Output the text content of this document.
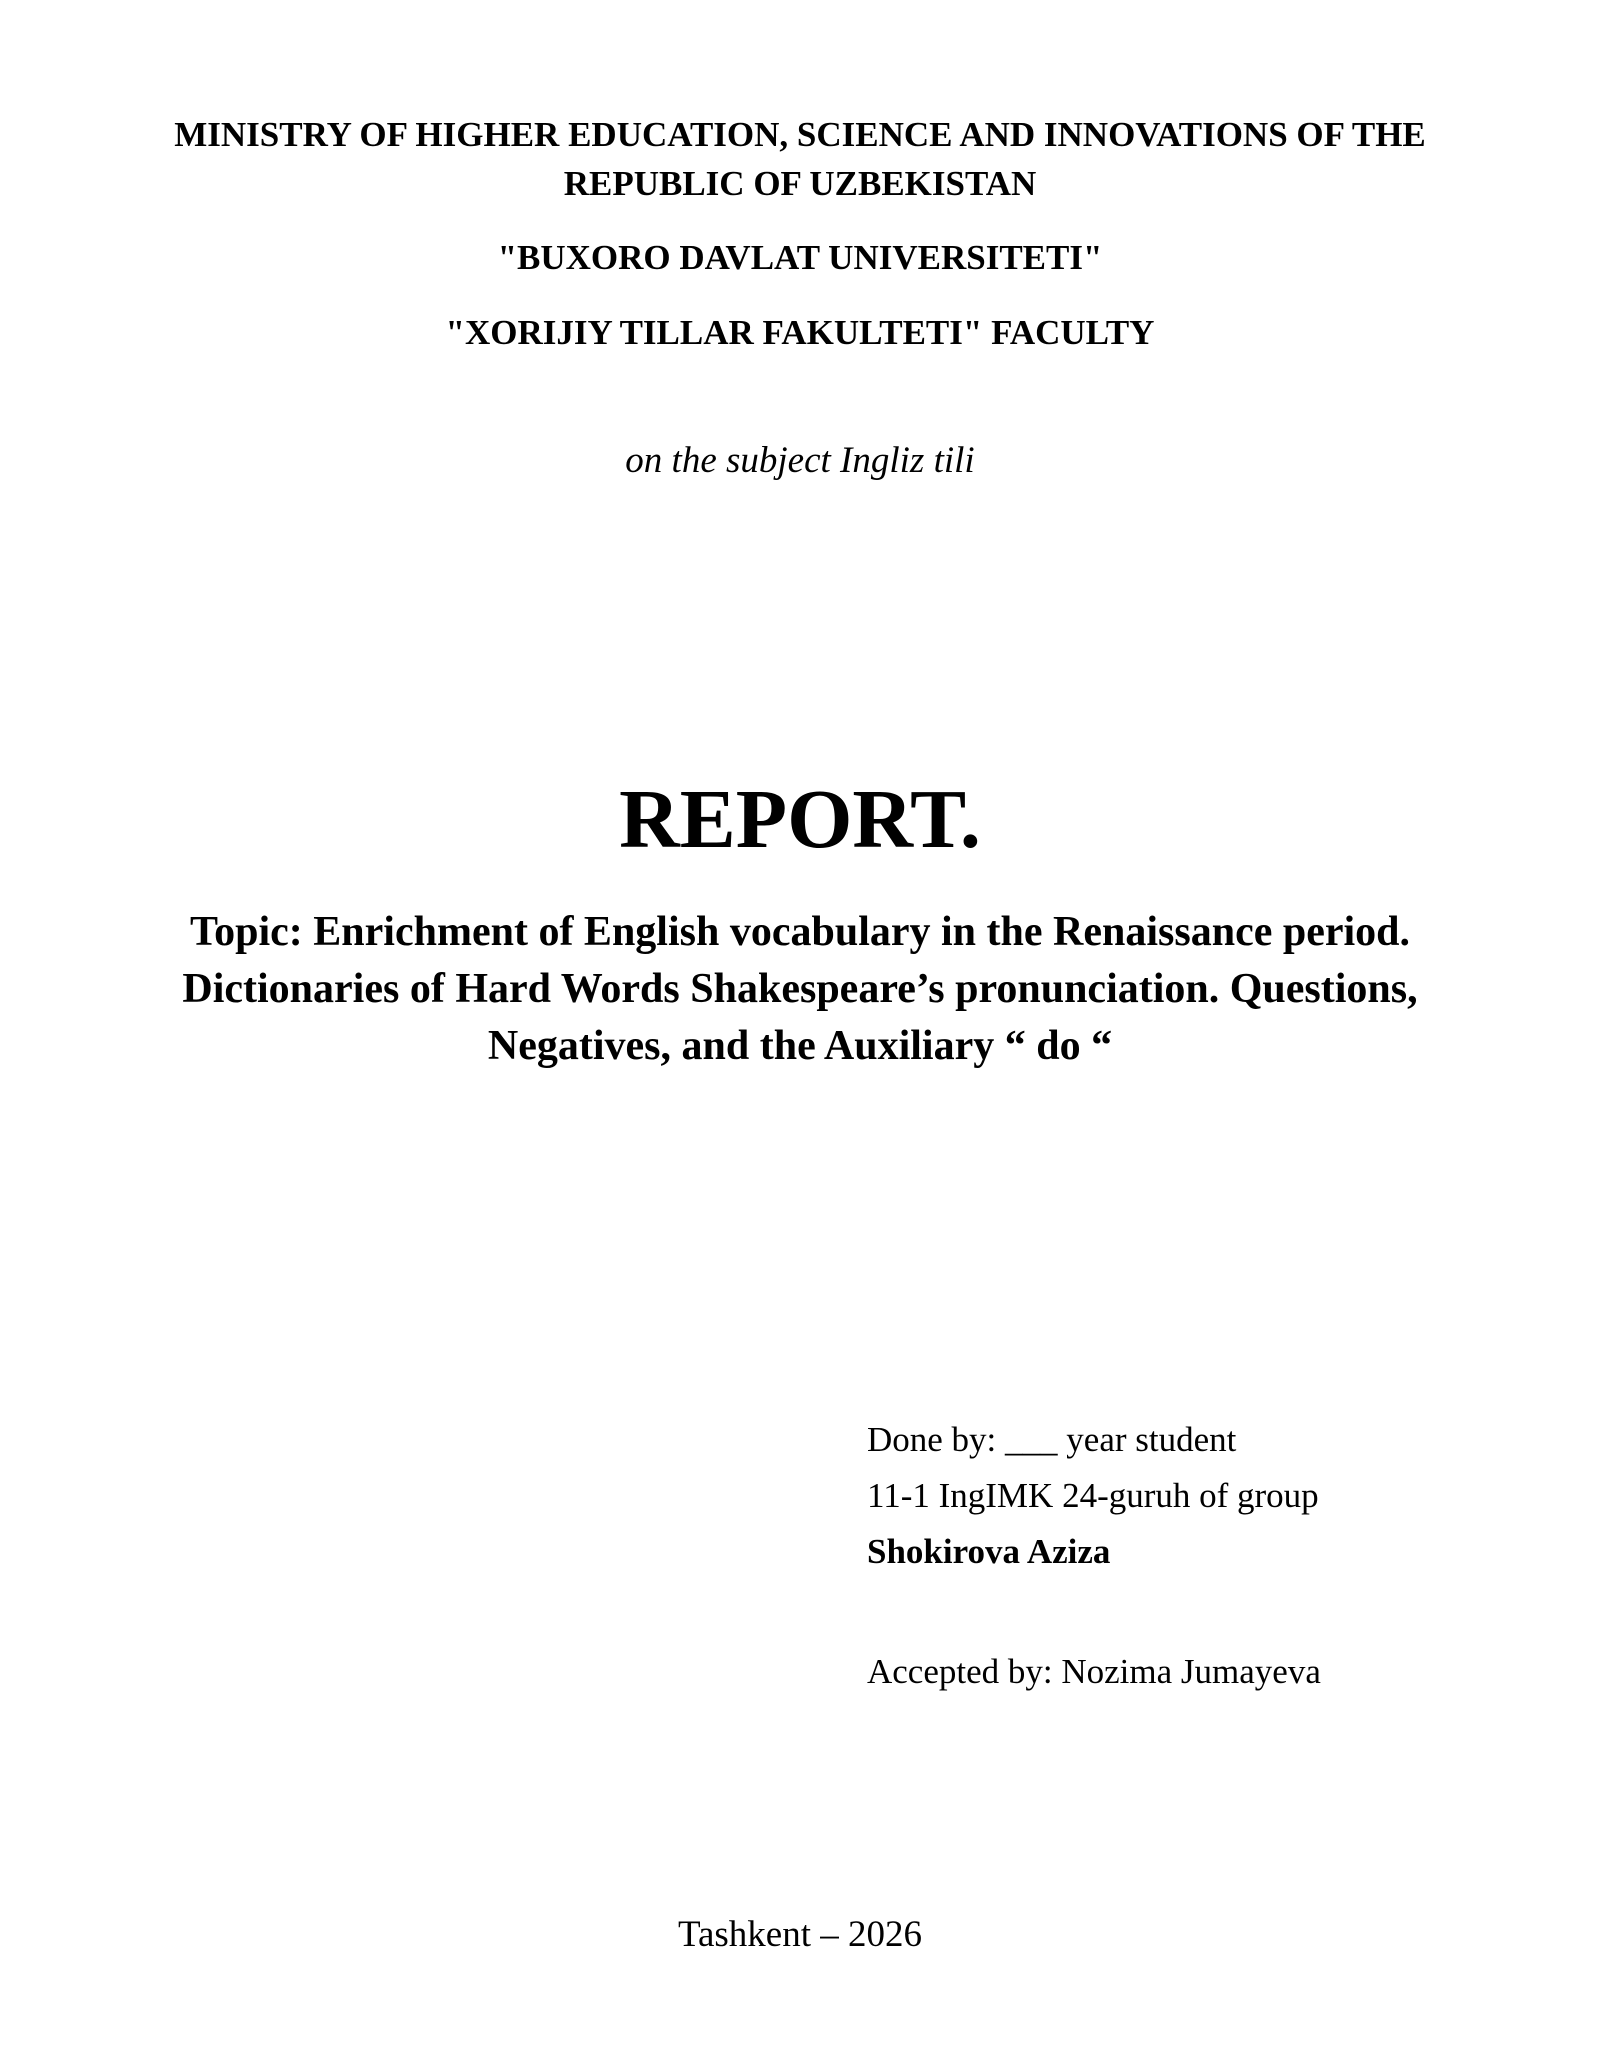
MINISTRY OF HIGHER EDUCATION, SCIENCE AND INNOVATIONS OF THE
REPUBLIC OF UZBEKISTAN
"BUXORO DAVLAT UNIVERSITETI"
"XORIJIY TILLAR FAKULTETI" FACULTY
on the subject Ingliz tili
REPORT.
Topic: Enrichment of English vocabulary in the Renaissance period.
Dictionaries of Hard Words Shakespeare’s pronunciation. Questions,
Negatives, and the Auxiliary “ do “
Done by: ___ year student
11-1 IngIMK 24-guruh of group
Shokirova Aziza
Accepted by: Nozima Jumayeva
Tashkent – 2026
